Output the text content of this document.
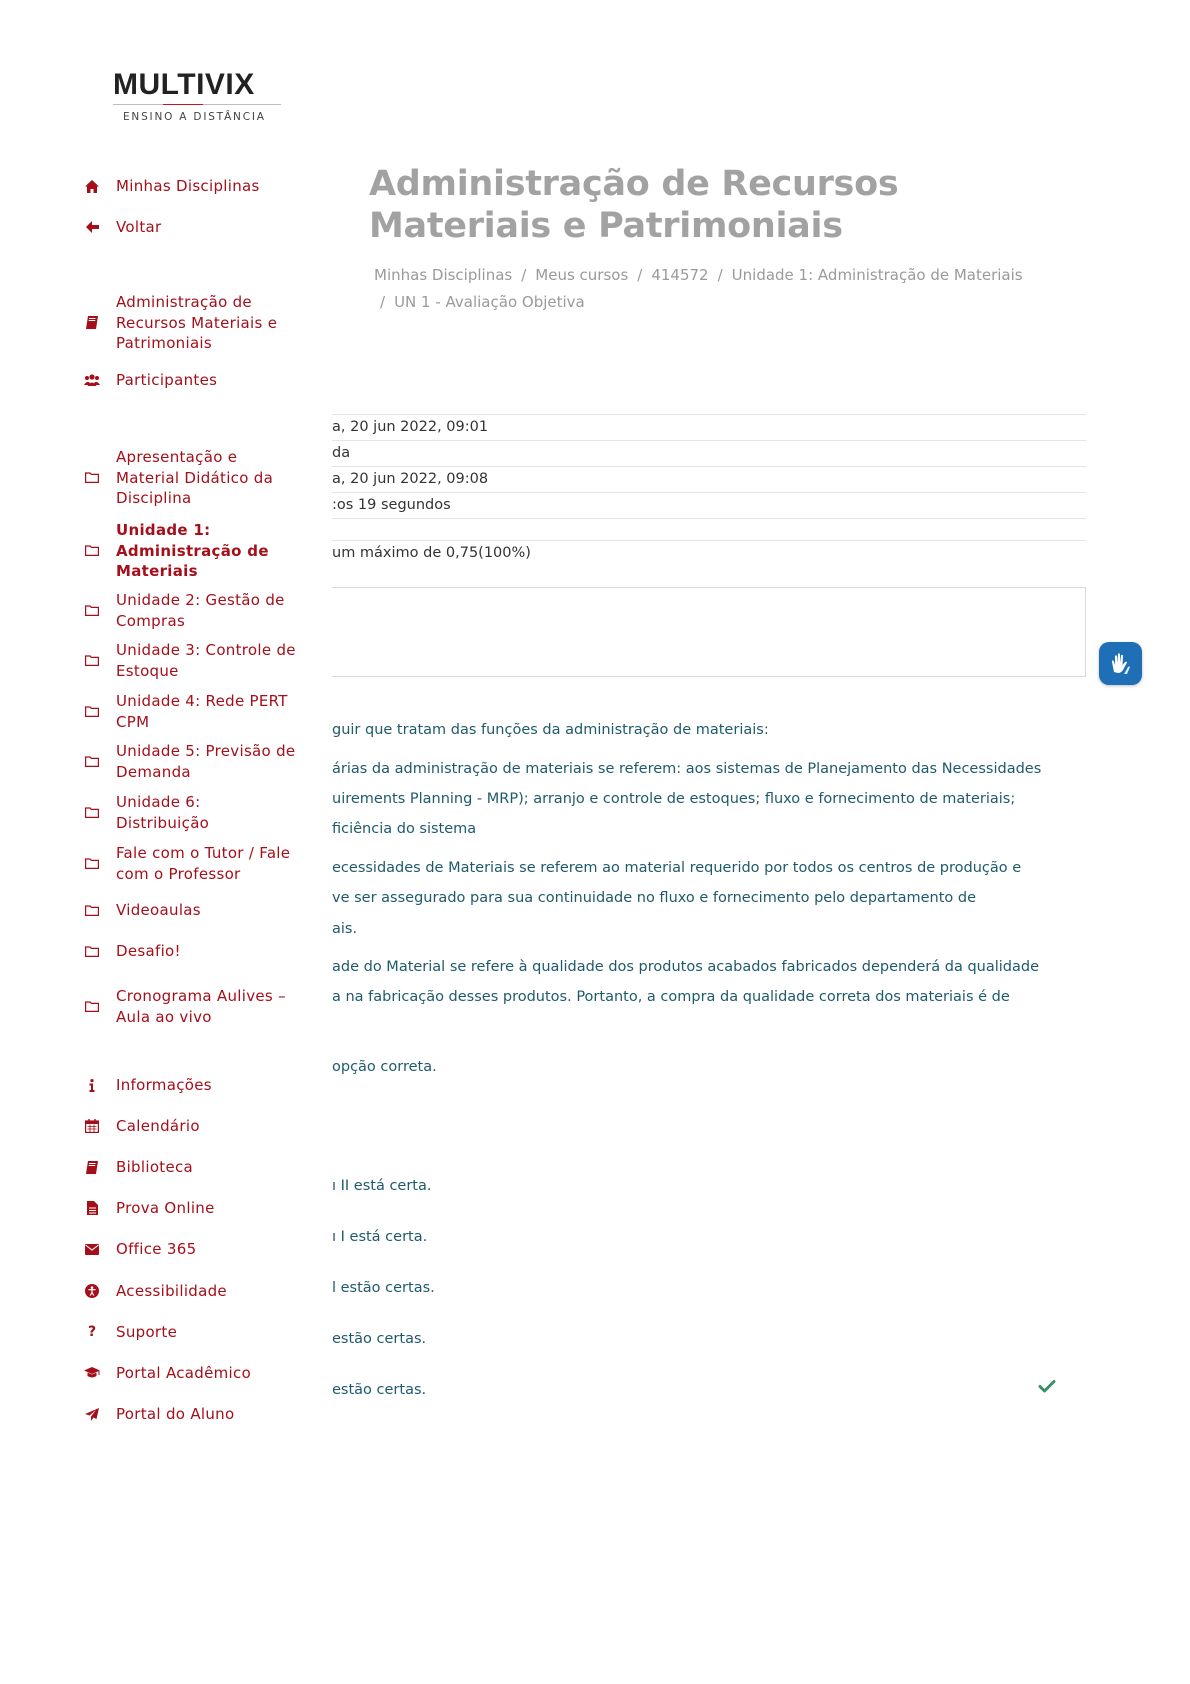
MULTIVIX
ENSINO A DISTÂNCIA
Minhas Disciplinas
Voltar
Administração de Recursos Materiais e Patrimoniais
Participantes
Apresentação e Material Didático da Disciplina
Unidade 1: Administração de Materiais
Unidade 2: Gestão de Compras
Unidade 3: Controle de Estoque
Unidade 4: Rede PERT CPM
Unidade 5: Previsão de Demanda
Unidade 6: Distribuição
Fale com o Tutor / Fale com o Professor
Videoaulas
Desafio!
Cronograma Aulives – Aula ao vivo
Informações
Calendário
Biblioteca
Prova Online
Office 365
Acessibilidade
? Suporte
Portal Acadêmico
Portal do Aluno
Administração de Recursos Materiais e Patrimoniais
Minhas Disciplinas / Meus cursos / 414572 / Unidade 1: Administração de Materiais
/ UN 1 - Avaliação Objetiva
a, 20 jun 2022, 09:01
da
a, 20 jun 2022, 09:08
:os 19 segundos
um máximo de 0,75(100%)
guir que tratam das funções da administração de materiais:
árias da administração de materiais se referem: aos sistemas de Planejamento das Necessidades
uirements Planning - MRP); arranjo e controle de estoques; fluxo e fornecimento de materiais;
ficiência do sistema
ecessidades de Materiais se referem ao material requerido por todos os centros de produção e
ve ser assegurado para sua continuidade no fluxo e fornecimento pelo departamento de
ais.
ade do Material se refere à qualidade dos produtos acabados fabricados dependerá da qualidade
a na fabricação desses produtos. Portanto, a compra da qualidade correta dos materiais é de
opção correta.
ı II está certa.
ı I está certa.
l estão certas.
estão certas.
estão certas.
